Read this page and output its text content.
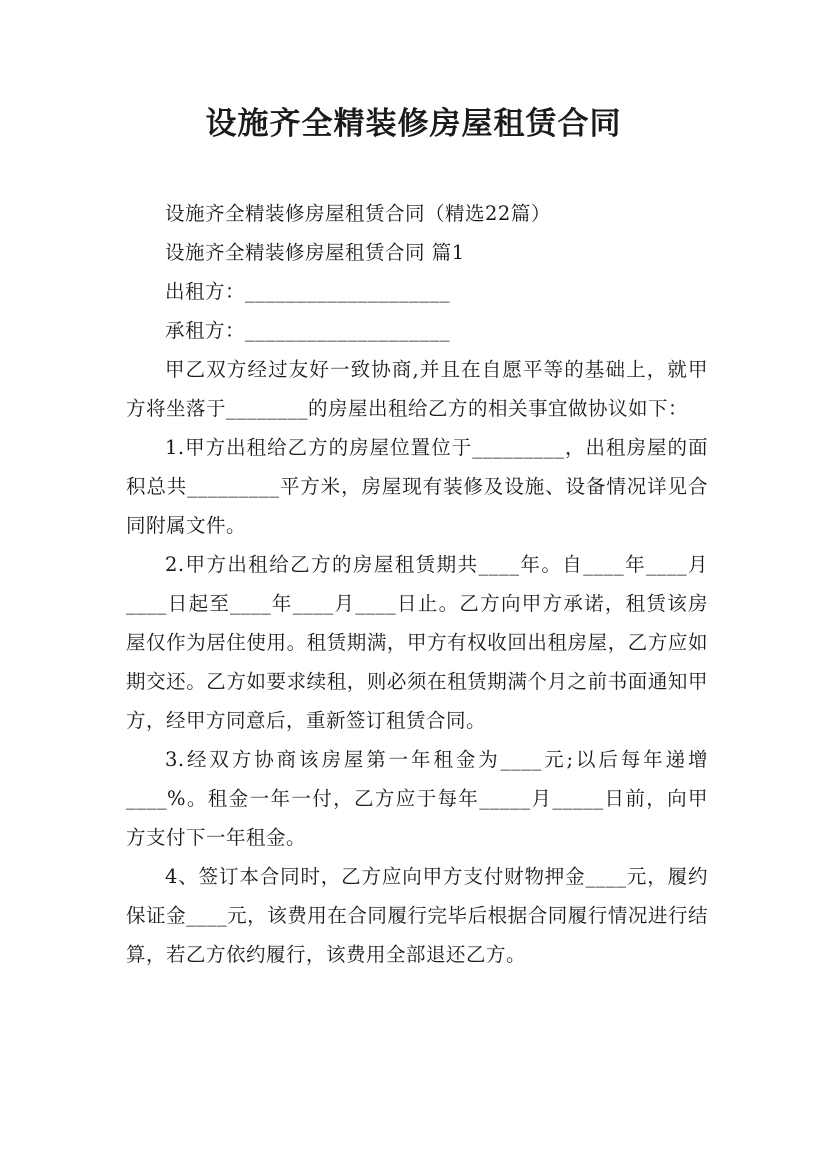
设施齐全精装修房屋租赁合同

设施齐全精装修房屋租赁合同（精选22篇）

设施齐全精装修房屋租赁合同 篇1

出租方：____________________

承租方：____________________

甲乙双方经过友好一致协商,并且在自愿平等的基础上，就甲方将坐落于________的房屋出租给乙方的相关事宜做协议如下：

1.甲方出租给乙方的房屋位置位于_________，出租房屋的面积总共_________平方米，房屋现有装修及设施、设备情况详见合同附属文件。

2.甲方出租给乙方的房屋租赁期共____年。自____年____月____日起至____年____月____日止。乙方向甲方承诺，租赁该房屋仅作为居住使用。租赁期满，甲方有权收回出租房屋，乙方应如期交还。乙方如要求续租，则必须在租赁期满个月之前书面通知甲方，经甲方同意后，重新签订租赁合同。

3.经双方协商该房屋第一年租金为____元;以后每年递增____%。租金一年一付，乙方应于每年_____月_____日前，向甲方支付下一年租金。

4、签订本合同时，乙方应向甲方支付财物押金____元，履约保证金____元，该费用在合同履行完毕后根据合同履行情况进行结算，若乙方依约履行，该费用全部退还乙方。
